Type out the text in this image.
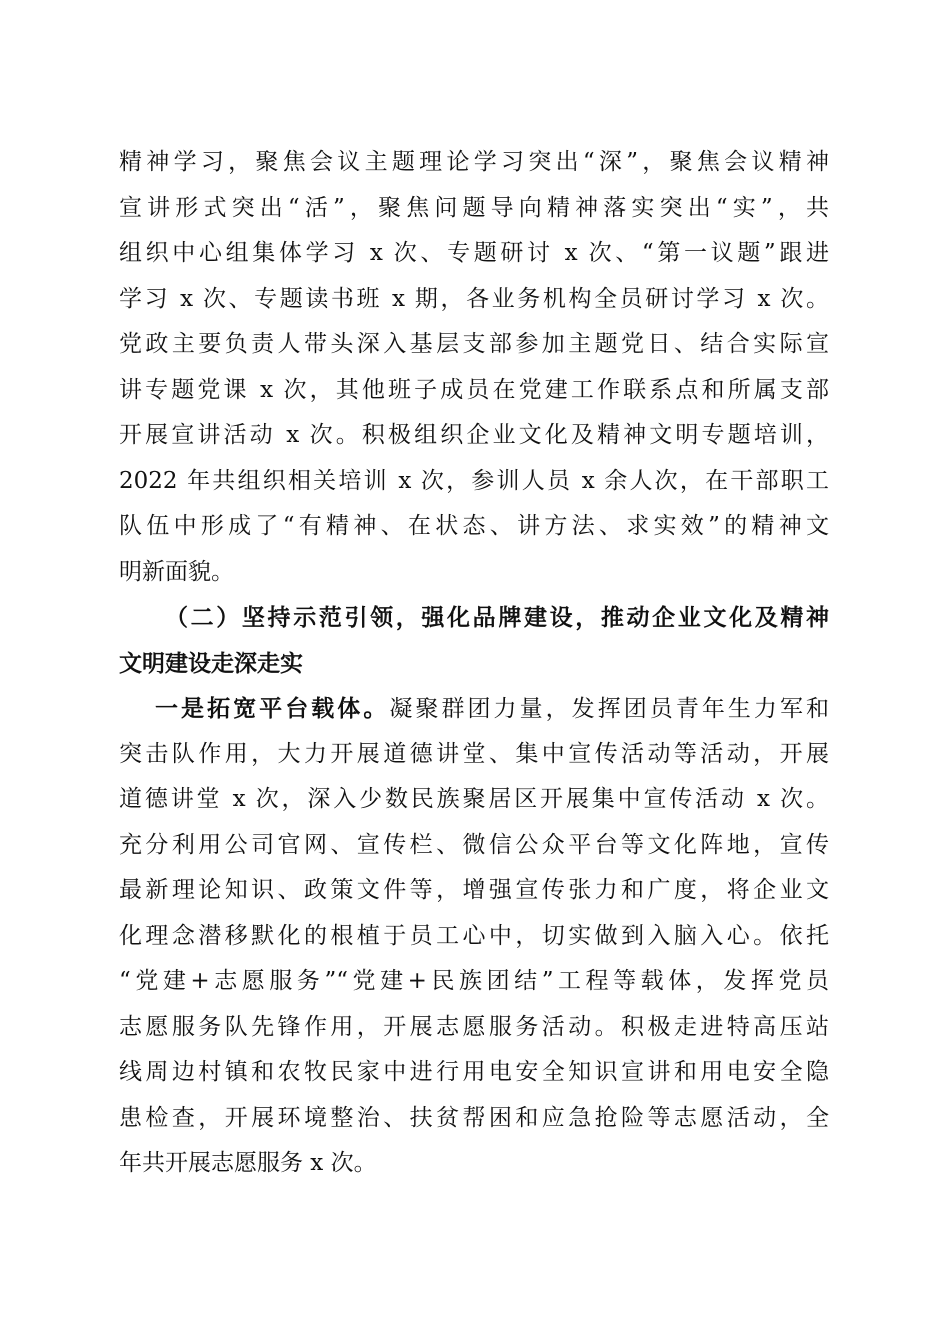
精神学习，聚焦会议主题理论学习突出“深”，聚焦会议精神
宣讲形式突出“活”，聚焦问题导向精神落实突出“实”，共
组织中心组集体学习 x 次、专题研讨 x 次、“第一议题”跟进
学习 x 次、专题读书班 x 期，各业务机构全员研讨学习 x 次。
党政主要负责人带头深入基层支部参加主题党日、结合实际宣
讲专题党课 x 次，其他班子成员在党建工作联系点和所属支部
开展宣讲活动 x 次。积极组织企业文化及精神文明专题培训，
2022 年共组织相关培训 x 次，参训人员 x 余人次，在干部职工
队伍中形成了“有精神、在状态、讲方法、求实效”的精神文
明新面貌。
（二）坚持示范引领，强化品牌建设，推动企业文化及精神
文明建设走深走实
一是拓宽平台载体。凝聚群团力量，发挥团员青年生力军和
突击队作用，大力开展道德讲堂、集中宣传活动等活动，开展
道德讲堂 x 次，深入少数民族聚居区开展集中宣传活动 x 次。
充分利用公司官网、宣传栏、微信公众平台等文化阵地，宣传
最新理论知识、政策文件等，增强宣传张力和广度，将企业文
化理念潜移默化的根植于员工心中，切实做到入脑入心。依托
“党建+志愿服务”“党建+民族团结”工程等载体，发挥党员
志愿服务队先锋作用，开展志愿服务活动。积极走进特高压站
线周边村镇和农牧民家中进行用电安全知识宣讲和用电安全隐
患检查，开展环境整治、扶贫帮困和应急抢险等志愿活动，全
年共开展志愿服务 x 次。
